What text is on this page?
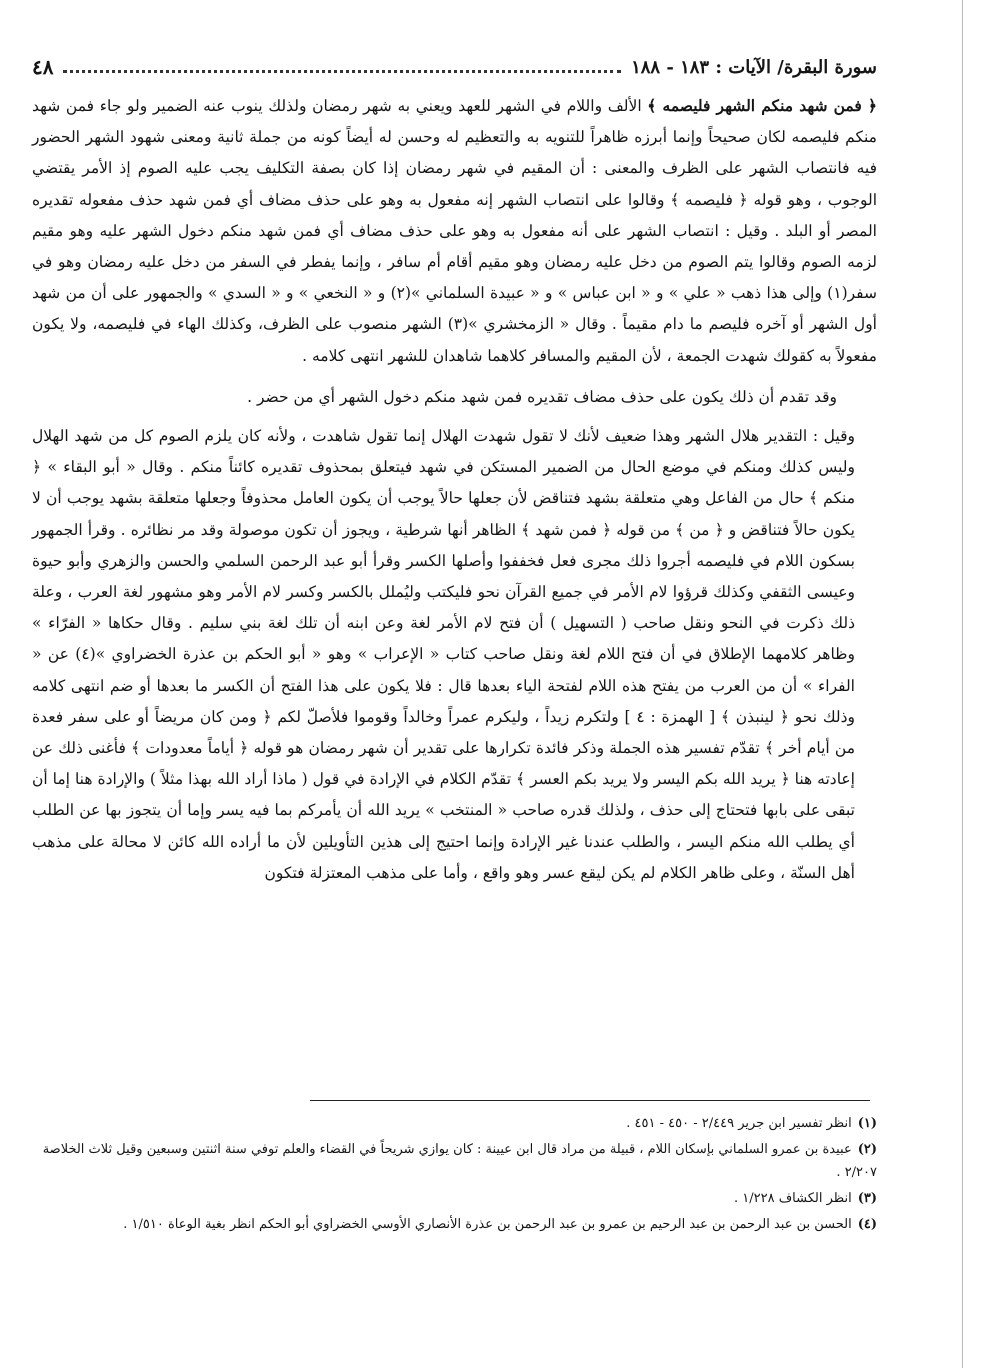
سورة البقرة/ الآيات : ١٨٣ - ١٨٨
٤٨

﴿ فمن شهد منكم الشهر فليصمه ﴾ الألف واللام في الشهر للعهد ويعني به شهر رمضان ولذلك ينوب عنه الضمير ولو جاء فمن شهد منكم فليصمه لكان صحيحاً وإنما أبرزه ظاهراً للتنويه به والتعظيم له وحسن له أيضاً كونه من جملة ثانية ومعنى شهود الشهر الحضور فيه فانتصاب الشهر على الظرف والمعنى : أن المقيم في شهر رمضان إذا كان بصفة التكليف يجب عليه الصوم إذ الأمر يقتضي الوجوب ، وهو قوله ﴿ فليصمه ﴾ وقالوا على انتصاب الشهر إنه مفعول به وهو على حذف مضاف أي فمن شهد حذف مفعوله تقديره المصر أو البلد . وقيل : انتصاب الشهر على أنه مفعول به وهو على حذف مضاف أي فمن شهد منكم دخول الشهر عليه وهو مقيم لزمه الصوم وقالوا يتم الصوم من دخل عليه رمضان وهو مقيم أقام أم سافر ، وإنما يفطر في السفر من دخل عليه رمضان وهو في سفر(١) وإلى هذا ذهب « علي » و « ابن عباس » و « عبيدة السلماني »(٢) و « النخعي » و « السدي » والجمهور على أن من شهد أول الشهر أو آخره فليصم ما دام مقيماً . وقال « الزمخشري »(٣) الشهر منصوب على الظرف، وكذلك الهاء في فليصمه، ولا يكون مفعولاً به كقولك شهدت الجمعة ، لأن المقيم والمسافر كلاهما شاهدان للشهر انتهى كلامه .

وقد تقدم أن ذلك يكون على حذف مضاف تقديره فمن شهد منكم دخول الشهر أي من حضر .

وقيل : التقدير هلال الشهر وهذا ضعيف لأنك لا تقول شهدت الهلال إنما تقول شاهدت ، ولأنه كان يلزم الصوم كل من شهد الهلال وليس كذلك ومنكم في موضع الحال من الضمير المستكن في شهد فيتعلق بمحذوف تقديره كائناً منكم . وقال « أبو البقاء » ﴿ منكم ﴾ حال من الفاعل وهي متعلقة بشهد فتناقض لأن جعلها حالاً يوجب أن يكون العامل محذوفاً وجعلها متعلقة بشهد يوجب أن لا يكون حالاً فتناقض و ﴿ من ﴾ من قوله ﴿ فمن شهد ﴾ الظاهر أنها شرطية ، ويجوز أن تكون موصولة وقد مر نظائره . وقرأ الجمهور بسكون اللام في فليصمه أجروا ذلك مجرى فعل فخففوا وأصلها الكسر وقرأ أبو عبد الرحمن السلمي والحسن والزهري وأبو حيوة وعيسى الثقفي وكذلك قرؤوا لام الأمر في جميع القرآن نحو فليكتب وليُملل بالكسر وكسر لام الأمر وهو مشهور لغة العرب ، وعلة ذلك ذكرت في النحو ونقل صاحب ( التسهيل ) أن فتح لام الأمر لغة وعن ابنه أن تلك لغة بني سليم . وقال حكاها « الفرّاء » وظاهر كلامهما الإطلاق في أن فتح اللام لغة ونقل صاحب كتاب « الإعراب » وهو « أبو الحكم بن عذرة الخضراوي »(٤) عن « الفراء » أن من العرب من يفتح هذه اللام لفتحة الياء بعدها قال : فلا يكون على هذا الفتح أن الكسر ما بعدها أو ضم انتهى كلامه وذلك نحو ﴿ لينبذن ﴾ [ الهمزة : ٤ ] ولتكرم زيداً ، وليكرم عمراً وخالداً وقوموا فلأصلّ لكم ﴿ ومن كان مريضاً أو على سفر فعدة من أيام أخر ﴾ تقدّم تفسير هذه الجملة وذكر فائدة تكرارها على تقدير أن شهر رمضان هو قوله ﴿ أياماً معدودات ﴾ فأغنى ذلك عن إعادته هنا ﴿ يريد الله بكم اليسر ولا يريد بكم العسر ﴾ تقدّم الكلام في الإرادة في قول ( ماذا أراد الله بهذا مثلاً ) والإرادة هنا إما أن تبقى على بابها فتحتاج إلى حذف ، ولذلك قدره صاحب « المنتخب » يريد الله أن يأمركم بما فيه يسر وإما أن يتجوز بها عن الطلب أي يطلب الله منكم اليسر ، والطلب عندنا غير الإرادة وإنما احتيج إلى هذين التأويلين لأن ما أراده الله كائن لا محالة على مذهب أهل السنّة ، وعلى ظاهر الكلام لم يكن ليقع عسر وهو واقع ، وأما على مذهب المعتزلة فتكون

(١)انظر تفسير ابن جرير ٢/٤٤٩ - ٤٥٠ - ٤٥١ .

(٢)عبيدة بن عمرو السلماني بإسكان اللام ، قبيلة من مراد قال ابن عيينة : كان يوازي شريحاً في القضاء والعلم توفي سنة اثنتين وسبعين وقيل ثلاث الخلاصة ٢/٢٠٧ .

(٣)انظر الكشاف ١/٢٢٨ .

(٤)الحسن بن عبد الرحمن بن عبد الرحيم بن عمرو بن عبد الرحمن بن عذرة الأنصاري الأوسي الخضراوي أبو الحكم انظر بغية الوعاة ١/٥١٠ .
